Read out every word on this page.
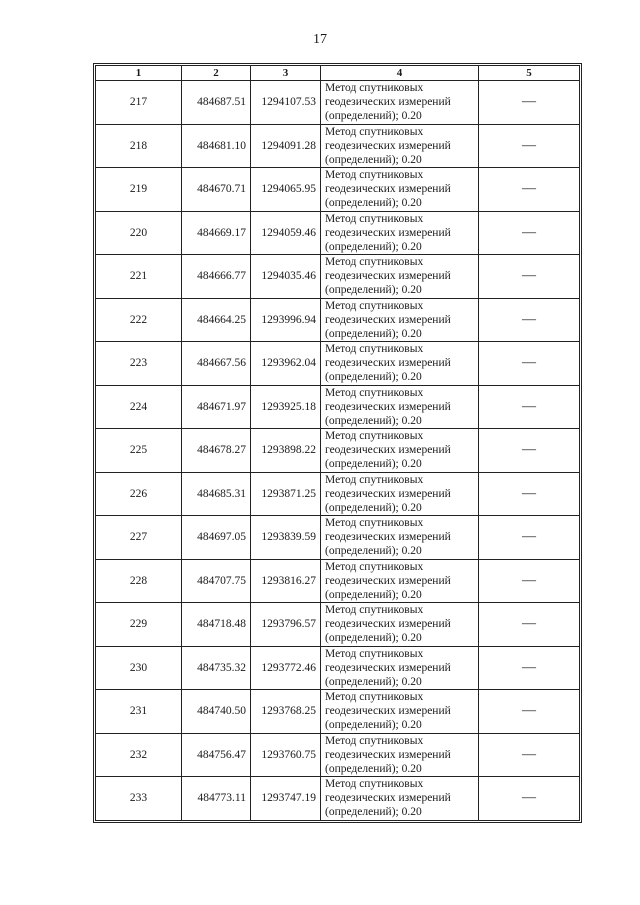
17
1	2	3	4	5
217	484687.51	1294107.53	Метод спутниковых
геодезических измерений
(определений); 0.20	—
218	484681.10	1294091.28	Метод спутниковых
геодезических измерений
(определений); 0.20	—
219	484670.71	1294065.95	Метод спутниковых
геодезических измерений
(определений); 0.20	—
220	484669.17	1294059.46	Метод спутниковых
геодезических измерений
(определений); 0.20	—
221	484666.77	1294035.46	Метод спутниковых
геодезических измерений
(определений); 0.20	—
222	484664.25	1293996.94	Метод спутниковых
геодезических измерений
(определений); 0.20	—
223	484667.56	1293962.04	Метод спутниковых
геодезических измерений
(определений); 0.20	—
224	484671.97	1293925.18	Метод спутниковых
геодезических измерений
(определений); 0.20	—
225	484678.27	1293898.22	Метод спутниковых
геодезических измерений
(определений); 0.20	—
226	484685.31	1293871.25	Метод спутниковых
геодезических измерений
(определений); 0.20	—
227	484697.05	1293839.59	Метод спутниковых
геодезических измерений
(определений); 0.20	—
228	484707.75	1293816.27	Метод спутниковых
геодезических измерений
(определений); 0.20	—
229	484718.48	1293796.57	Метод спутниковых
геодезических измерений
(определений); 0.20	—
230	484735.32	1293772.46	Метод спутниковых
геодезических измерений
(определений); 0.20	—
231	484740.50	1293768.25	Метод спутниковых
геодезических измерений
(определений); 0.20	—
232	484756.47	1293760.75	Метод спутниковых
геодезических измерений
(определений); 0.20	—
233	484773.11	1293747.19	Метод спутниковых
геодезических измерений
(определений); 0.20	—
